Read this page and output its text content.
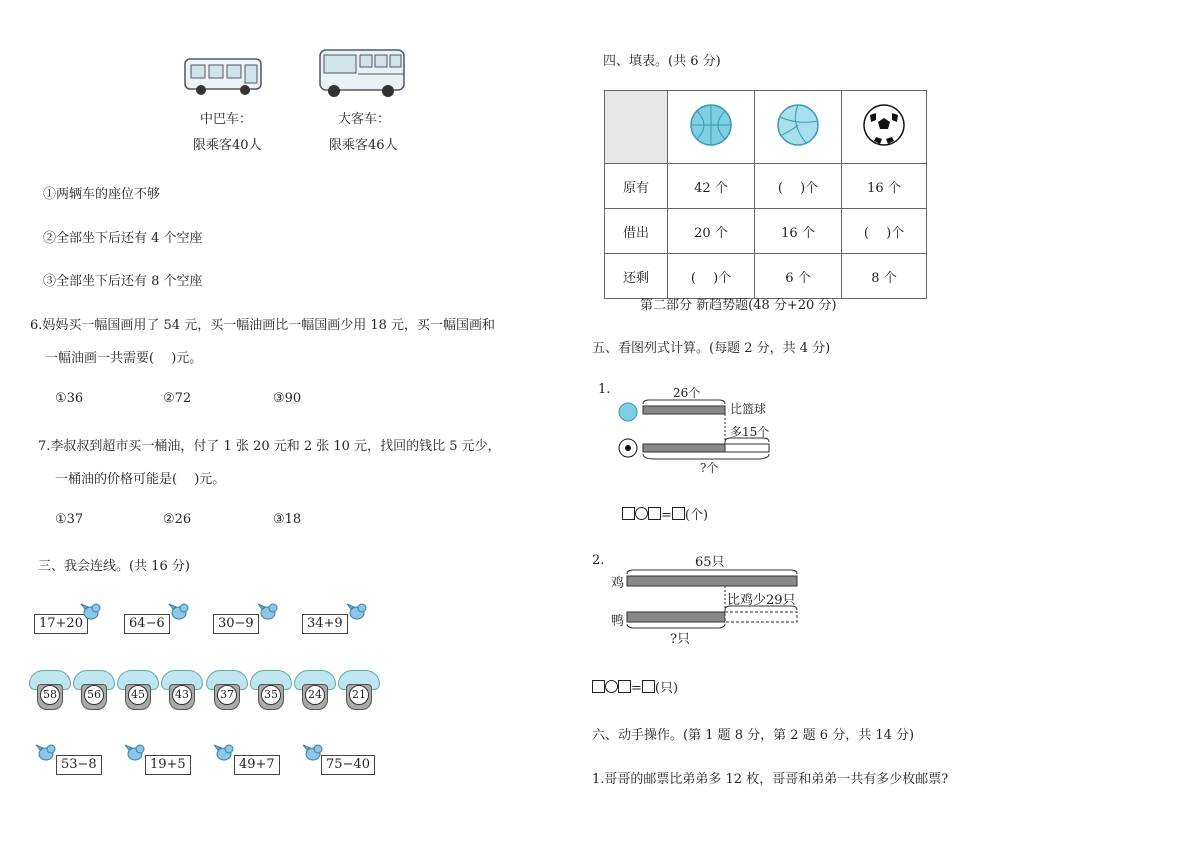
中巴车：
限乘客40人
大客车：
限乘客46人
①两辆车的座位不够
②全部坐下后还有 4 个空座
③全部坐下后还有 8 个空座
6.妈妈买一幅国画用了 54 元，买一幅油画比一幅国画少用 18 元，买一幅国画和
一幅油画一共需要(　 )元。
①36	②72	③90
7.李叔叔到超市买一桶油，付了 1 张 20 元和 2 张 10 元，找回的钱比 5 元少，
一桶油的价格可能是(　 )元。
①37	②26	③18
三、我会连线。(共 16 分)
17+20	64−6	30−9	34+9
58	56	45	43	37	35	24	21
53−8	19+5	49+7	75−40
四、填表。(共 6 分)

原有	42 个	(　 )个	16 个
借出	20 个	16 个	(　 )个
还剩	(　 )个	6 个	8 个
第二部分 新趋势题(48 分+20 分)
五、看图列式计算。(每题 2 分，共 4 分)
1.	26个
比篮球
多15个
?个
= (个)
2.	65只
鸡
鸭
比鸡少29只
?只
= (只)
六、动手操作。(第 1 题 8 分，第 2 题 6 分，共 14 分)
1.哥哥的邮票比弟弟多 12 枚，哥哥和弟弟一共有多少枚邮票?
